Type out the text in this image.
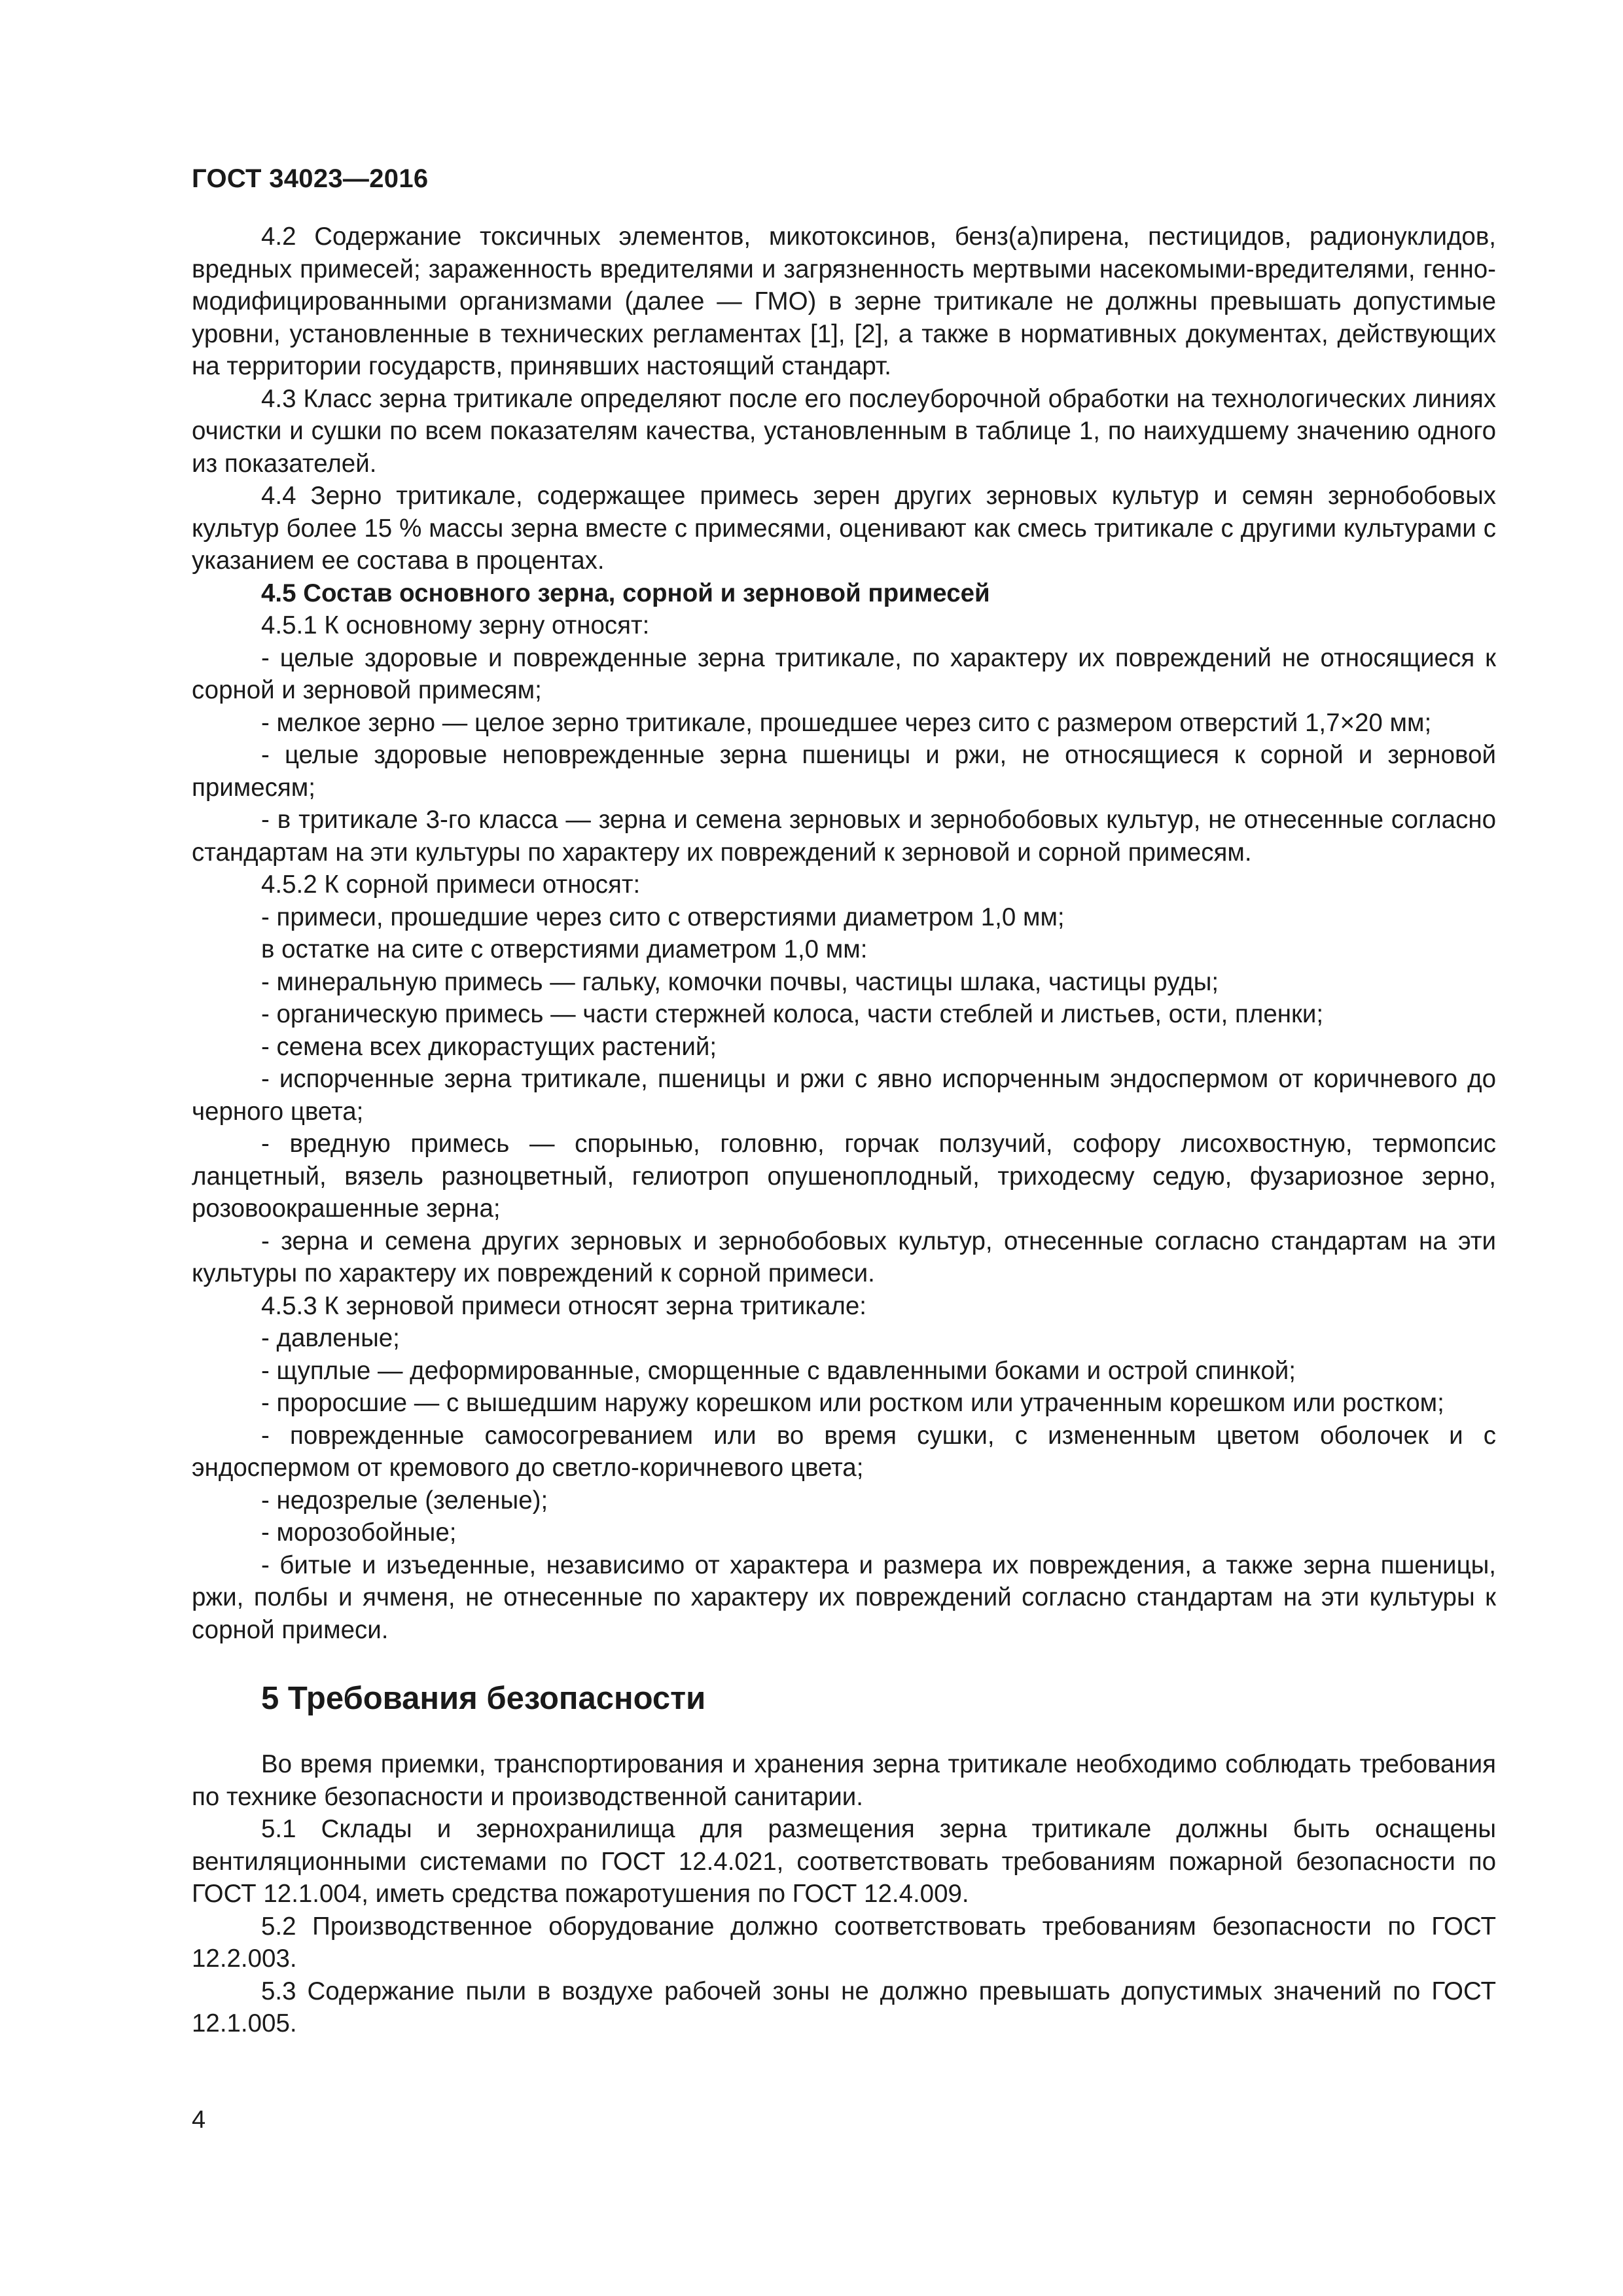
ГОСТ 34023—2016

4.2 Содержание токсичных элементов, микотоксинов, бенз(а)пирена, пестицидов, радионуклидов, вредных примесей; зараженность вредителями и загрязненность мертвыми насекомыми-вредителями, генно-модифицированными организмами (далее — ГМО) в зерне тритикале не должны превышать допустимые уровни, установленные в технических регламентах [1], [2], а также в нормативных документах, действующих на территории государств, принявших настоящий стандарт.

4.3 Класс зерна тритикале определяют после его послеуборочной обработки на технологических линиях очистки и сушки по всем показателям качества, установленным в таблице 1, по наихудшему значению одного из показателей.

4.4 Зерно тритикале, содержащее примесь зерен других зерновых культур и семян зернобобовых культур более 15 % массы зерна вместе с примесями, оценивают как смесь тритикале с другими культурами с указанием ее состава в процентах.

4.5 Состав основного зерна, сорной и зерновой примесей

4.5.1 К основному зерну относят:

- целые здоровые и поврежденные зерна тритикале, по характеру их повреждений не относящиеся к сорной и зерновой примесям;

- мелкое зерно — целое зерно тритикале, прошедшее через сито с размером отверстий 1,7×20 мм;

- целые здоровые неповрежденные зерна пшеницы и ржи, не относящиеся к сорной и зерновой примесям;

- в тритикале 3-го класса — зерна и семена зерновых и зернобобовых культур, не отнесенные согласно стандартам на эти культуры по характеру их повреждений к зерновой и сорной примесям.

4.5.2 К сорной примеси относят:

- примеси, прошедшие через сито с отверстиями диаметром 1,0 мм;

в остатке на сите с отверстиями диаметром 1,0 мм:

- минеральную примесь — гальку, комочки почвы, частицы шлака, частицы руды;

- органическую примесь — части стержней колоса, части стеблей и листьев, ости, пленки;

- семена всех дикорастущих растений;

- испорченные зерна тритикале, пшеницы и ржи с явно испорченным эндоспермом от коричневого до черного цвета;

- вредную примесь — спорынью, головню, горчак ползучий, софору лисохвостную, термопсис ланцетный, вязель разноцветный, гелиотроп опушеноплодный, триходесму седую, фузариозное зерно, розовоокрашенные зерна;

- зерна и семена других зерновых и зернобобовых культур, отнесенные согласно стандартам на эти культуры по характеру их повреждений к сорной примеси.

4.5.3 К зерновой примеси относят зерна тритикале:

- давленые;

- щуплые — деформированные, сморщенные с вдавленными боками и острой спинкой;

- проросшие — с вышедшим наружу корешком или ростком или утраченным корешком или ростком;

- поврежденные самосогреванием или во время сушки, с измененным цветом оболочек и с эндоспермом от кремового до светло-коричневого цвета;

- недозрелые (зеленые);

- морозобойные;

- битые и изъеденные, независимо от характера и размера их повреждения, а также зерна пшеницы, ржи, полбы и ячменя, не отнесенные по характеру их повреждений согласно стандартам на эти культуры к сорной примеси.

5 Требования безопасности

Во время приемки, транспортирования и хранения зерна тритикале необходимо соблюдать требования по технике безопасности и производственной санитарии.

5.1 Склады и зернохранилища для размещения зерна тритикале должны быть оснащены вентиляционными системами по ГОСТ 12.4.021, соответствовать требованиям пожарной безопасности по ГОСТ 12.1.004, иметь средства пожаротушения по ГОСТ 12.4.009.

5.2 Производственное оборудование должно соответствовать требованиям безопасности по ГОСТ 12.2.003.

5.3 Содержание пыли в воздухе рабочей зоны не должно превышать допустимых значений по ГОСТ 12.1.005.

4
